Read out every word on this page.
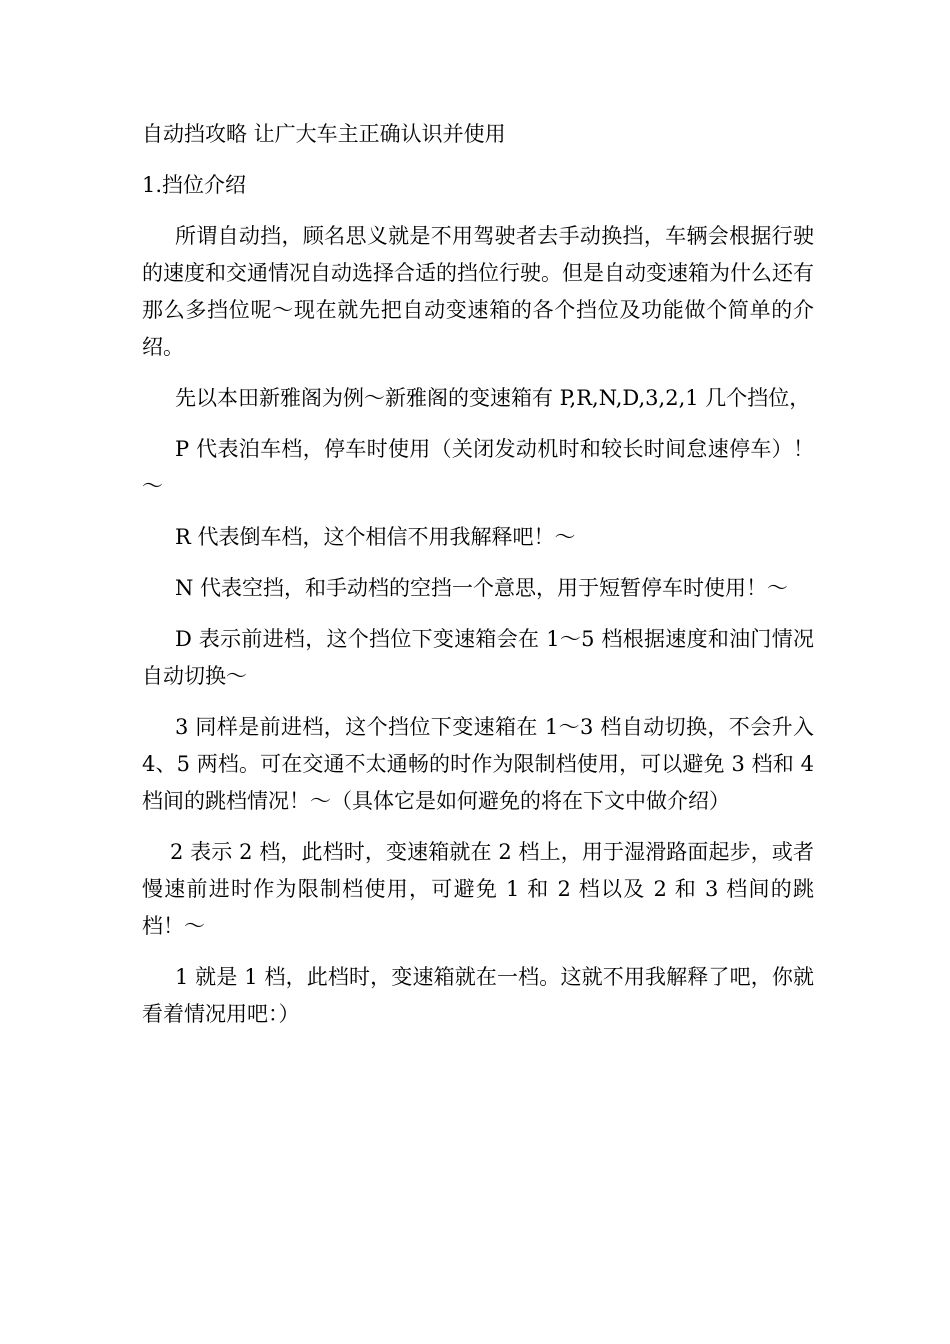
自动挡攻略 让广大车主正确认识并使用
1.挡位介绍

所谓自动挡，顾名思义就是不用驾驶者去手动换挡，车辆会根据行驶的速度和交通情况自动选择合适的挡位行驶。但是自动变速箱为什么还有那么多挡位呢～现在就先把自动变速箱的各个挡位及功能做个简单的介绍。

先以本田新雅阁为例～新雅阁的变速箱有 P,R,N,D,3,2,1 几个挡位，

P 代表泊车档，停车时使用（关闭发动机时和较长时间怠速停车）！～

R 代表倒车档，这个相信不用我解释吧！～

N 代表空挡，和手动档的空挡一个意思，用于短暂停车时使用！～

D 表示前进档，这个挡位下变速箱会在 1～5 档根据速度和油门情况自动切换～

3 同样是前进档，这个挡位下变速箱在 1～3 档自动切换，不会升入 4、5 两档。可在交通不太通畅的时作为限制档使用，可以避免 3 档和 4 档间的跳档情况！～（具体它是如何避免的将在下文中做介绍）

2 表示 2 档，此档时，变速箱就在 2 档上，用于湿滑路面起步，或者慢速前进时作为限制档使用，可避免 1 和 2 档以及 2 和 3 档间的跳档！～

1 就是 1 档，此档时，变速箱就在一档。这就不用我解释了吧，你就看着情况用吧：）
